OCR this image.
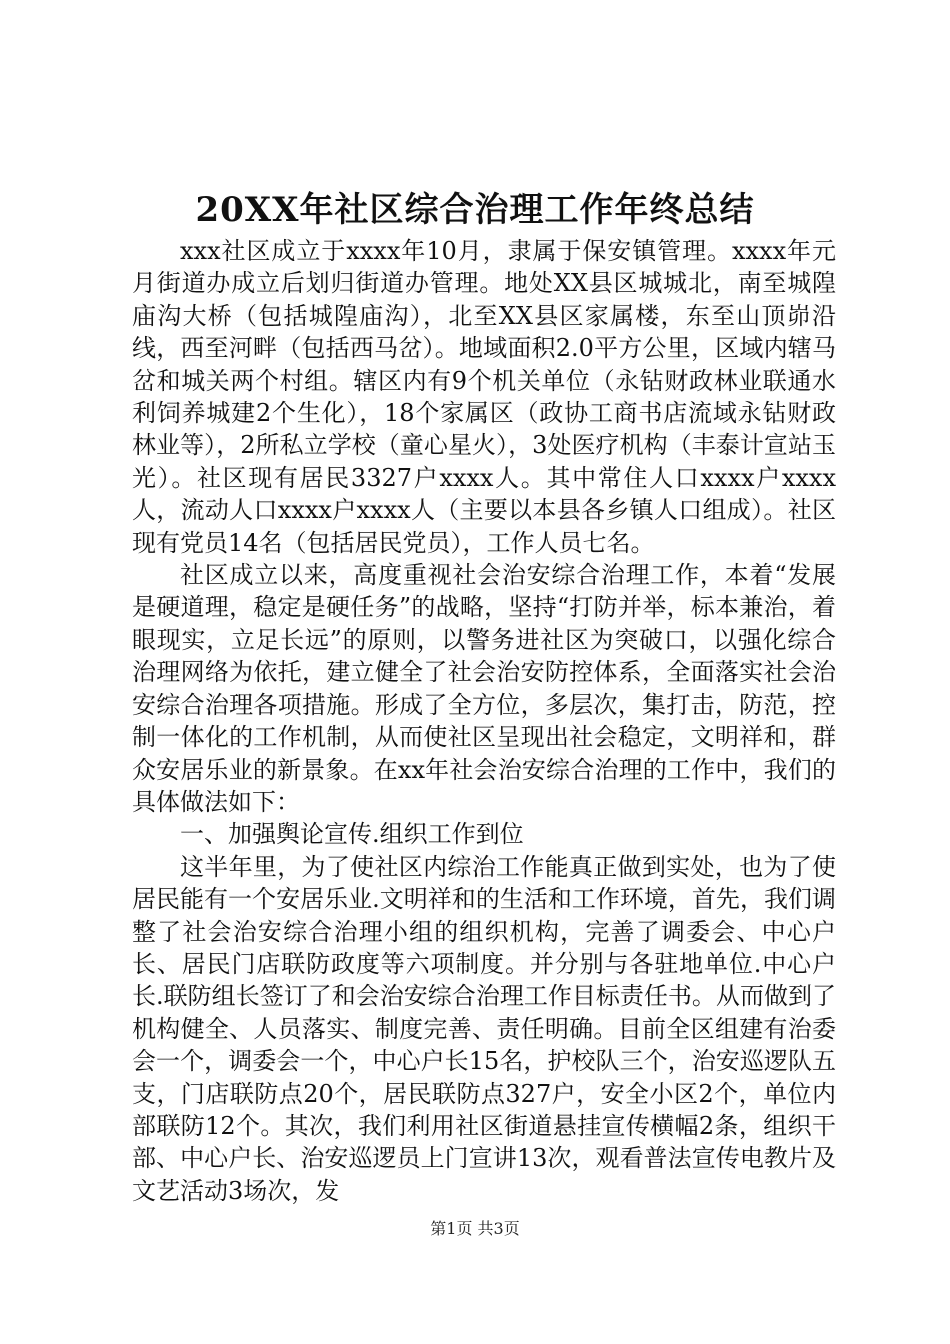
20XX年社区综合治理工作年终总结

xxx社区成立于xxxx年10月，隶属于保安镇管理。xxxx年元月街道办成立后划归街道办管理。地处XX县区城城北，南至城隍庙沟大桥（包括城隍庙沟），北至XX县区家属楼，东至山顶峁沿线，西至河畔（包括西马岔）。地域面积2.0平方公里，区域内辖马岔和城关两个村组。辖区内有9个机关单位（永钻财政林业联通水利饲养城建2个生化），18个家属区（政协工商书店流域永钻财政林业等），2所私立学校（童心星火），3处医疗机构（丰泰计宣站玉光）。社区现有居民3327户xxxx人。其中常住人口xxxx户xxxx人，流动人口xxxx户xxxx人（主要以本县各乡镇人口组成）。社区现有党员14名（包括居民党员），工作人员七名。

社区成立以来，高度重视社会治安综合治理工作，本着“发展是硬道理，稳定是硬任务”的战略，坚持“打防并举，标本兼治，着眼现实，立足长远”的原则，以警务进社区为突破口，以强化综合治理网络为依托，建立健全了社会治安防控体系，全面落实社会治安综合治理各项措施。形成了全方位，多层次，集打击，防范，控制一体化的工作机制，从而使社区呈现出社会稳定，文明祥和，群众安居乐业的新景象。在xx年社会治安综合治理的工作中，我们的具体做法如下：

一、加强舆论宣传.组织工作到位

这半年里，为了使社区内综治工作能真正做到实处，也为了使居民能有一个安居乐业.文明祥和的生活和工作环境，首先，我们调整了社会治安综合治理小组的组织机构，完善了调委会、中心户长、居民门店联防政度等六项制度。并分别与各驻地单位.中心户长.联防组长签订了和会治安综合治理工作目标责任书。从而做到了机构健全、人员落实、制度完善、责任明确。目前全区组建有治委会一个，调委会一个，中心户长15名，护校队三个，治安巡逻队五支，门店联防点20个，居民联防点327户，安全小区2个，单位内部联防12个。其次，我们利用社区街道悬挂宣传横幅2条，组织干部、中心户长、治安巡逻员上门宣讲13次，观看普法宣传电教片及文艺活动3场次，发

第1页 共3页
